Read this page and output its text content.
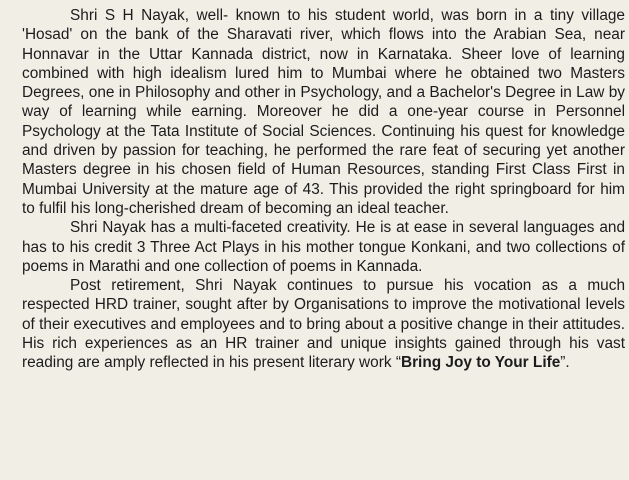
Shri S H Nayak, well- known to his student world, was born in a tiny village 'Hosad' on the bank of the Sharavati river, which flows into the Arabian Sea, near Honnavar in the Uttar Kannada district, now in Karnataka. Sheer love of learning combined with high idealism lured him to Mumbai where he obtained two Masters Degrees, one in Philosophy and other in Psychology, and a Bachelor's Degree in Law by way of learning while earning. Moreover he did a one-year course in Personnel Psychology at the Tata Institute of Social Sciences. Continuing his quest for knowledge and driven by passion for teaching, he performed the rare feat of securing yet another Masters degree in his chosen field of Human Resources, standing First Class First in Mumbai University at the mature age of 43. This provided the right springboard for him to fulfil his long-cherished dream of becoming an ideal teacher.

Shri Nayak has a multi-faceted creativity. He is at ease in several languages and has to his credit 3 Three Act Plays in his mother tongue Konkani, and two collections of poems in Marathi and one collection of poems in Kannada.

Post retirement, Shri Nayak continues to pursue his vocation as a much respected HRD trainer, sought after by Organisations to improve the motivational levels of their executives and employees and to bring about a positive change in their attitudes. His rich experiences as an HR trainer and unique insights gained through his vast reading are amply reflected in his present literary work “Bring Joy to Your Life”.
